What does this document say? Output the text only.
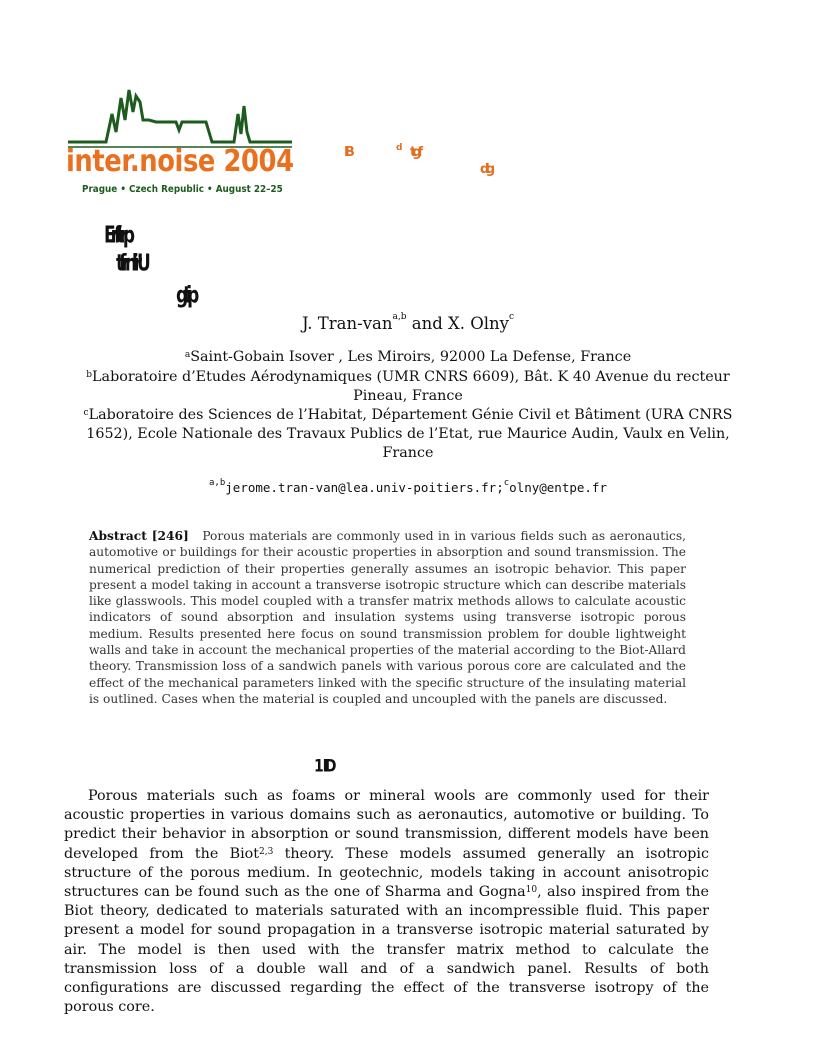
inter.noise 2004
Prague • Czech Republic • August 22–25
IB	d tgf
dlg
Erftrp
tfrnlirU
gtip
J. Tran-van$^{a,b}$ and X. Olny$^c$
$^a$Saint-Gobain Isover , Les Miroirs, 92000 La Defense, France
$^b$Laboratoire d’Etudes Aérodynamiques (UMR CNRS 6609), Bât. K 40 Avenue du recteur Pineau, France
$^c$Laboratoire des Sciences de l’Habitat, Département Génie Civil et Bâtiment (URA CNRS 1652), Ecole Nationale des Travaux Publics de l’Etat, rue Maurice Audin, Vaulx en Velin, France
$^{a,b}$jerome.tran-van@lea.univ-poitiers.fr;$^c$olny@entpe.fr
Abstract [246] Porous materials are commonly used in in various fields such as aeronautics, automotive or buildings for their acoustic properties in absorption and sound transmission. The numerical prediction of their properties generally assumes an isotropic behavior. This paper present a model taking in account a transverse isotropic structure which can describe materials like glasswools. This model coupled with a transfer matrix methods allows to calculate acoustic indicators of sound absorption and insulation systems using transverse isotropic porous medium. Results presented here focus on sound transmission problem for double lightweight walls and take in account the mechanical properties of the material according to the Biot-Allard theory. Transmission loss of a sandwich panels with various porous core are calculated and the effect of the mechanical parameters linked with the specific structure of the insulating material is outlined. Cases when the material is coupled and uncoupled with the panels are discussed.
1 ID
Porous materials such as foams or mineral wools are commonly used for their acoustic properties in various domains such as aeronautics, automotive or building. To predict their behavior in absorption or sound transmission, different models have been developed from the Biot$^{2,3}$ theory. These models assumed generally an isotropic structure of the porous medium. In geotechnic, models taking in account anisotropic structures can be found such as the one of Sharma and Gogna$^{10}$, also inspired from the Biot theory, dedicated to materials saturated with an incompressible fluid. This paper present a model for sound propagation in a transverse isotropic material saturated by air. The model is then used with the transfer matrix method to calculate the transmission loss of a double wall and of a sandwich panel. Results of both configurations are discussed regarding the effect of the transverse isotropy of the porous core.
